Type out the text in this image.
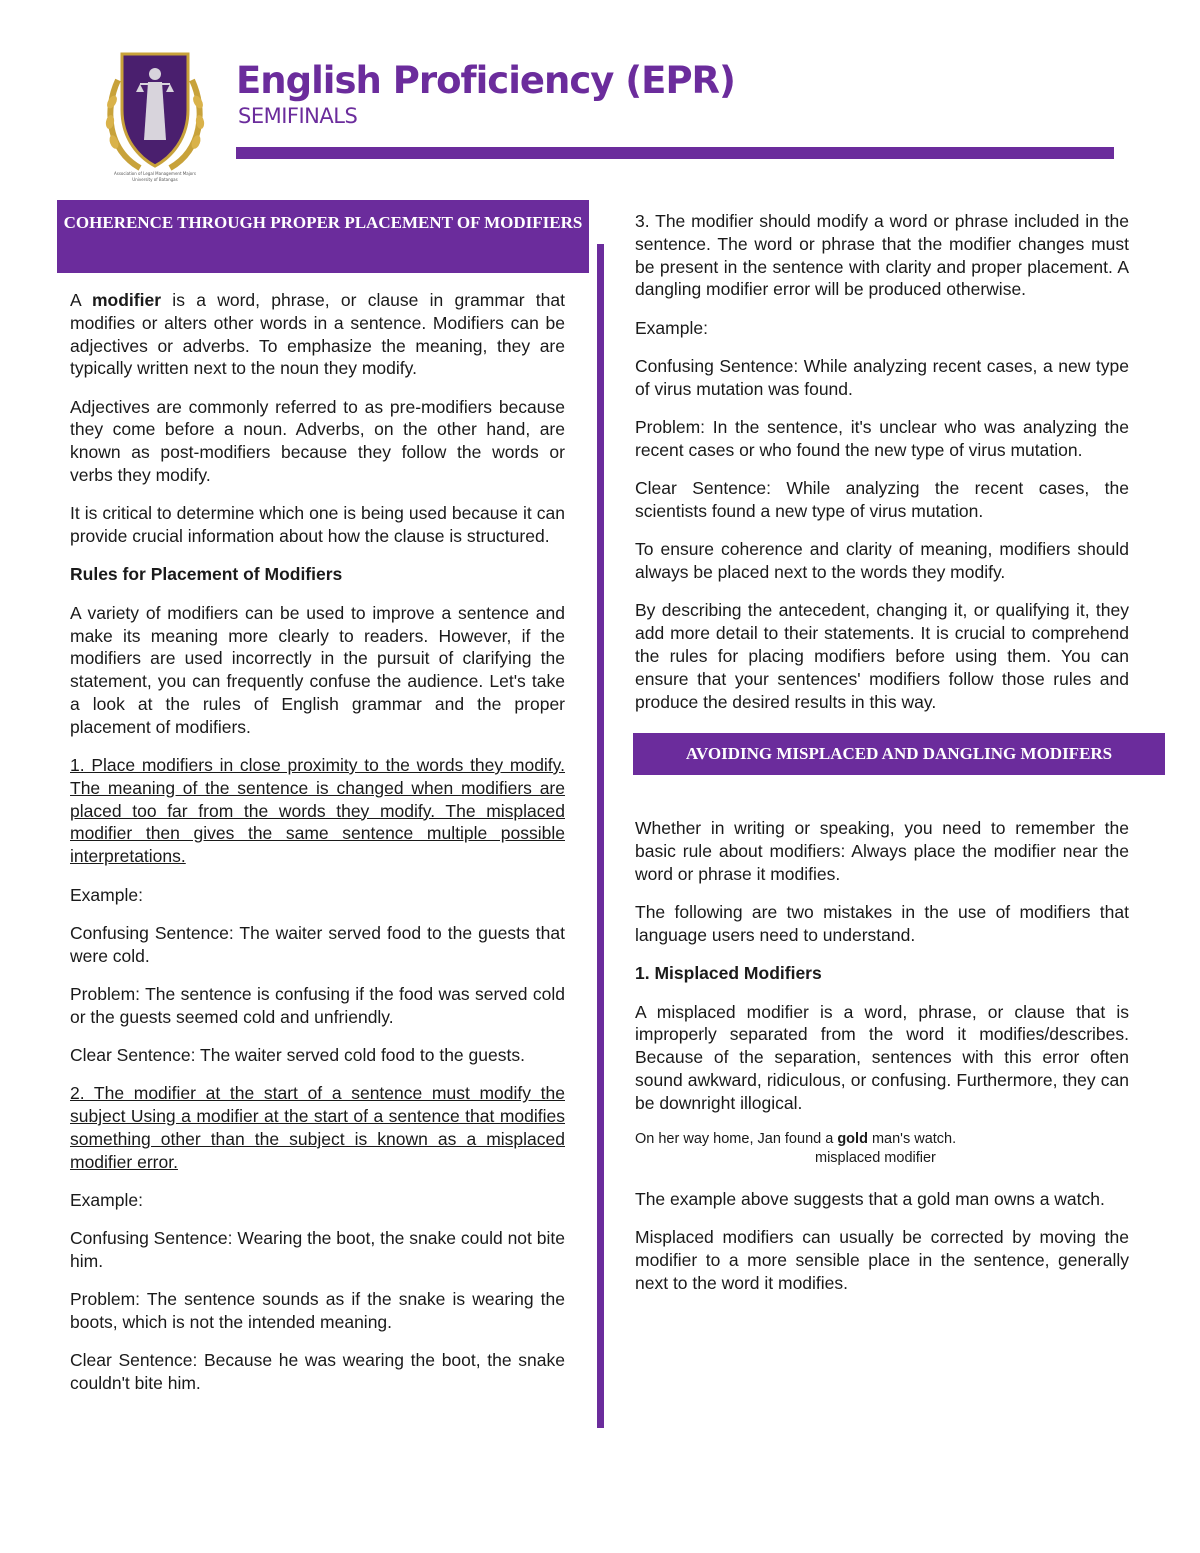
Association of Legal Management Majors
University of Batangas
English Proficiency (EPR)
SEMIFINALS
COHERENCE THROUGH PROPER PLACEMENT OF MODIFIERS

A modifier is a word, phrase, or clause in grammar that modifies or alters other words in a sentence. Modifiers can be adjectives or adverbs. To emphasize the meaning, they are typically written next to the noun they modify.

Adjectives are commonly referred to as pre-modifiers because they come before a noun. Adverbs, on the other hand, are known as post-modifiers because they follow the words or verbs they modify.

It is critical to determine which one is being used because it can provide crucial information about how the clause is structured.

Rules for Placement of Modifiers

A variety of modifiers can be used to improve a sentence and make its meaning more clearly to readers. However, if the modifiers are used incorrectly in the pursuit of clarifying the statement, you can frequently confuse the audience. Let's take a look at the rules of English grammar and the proper placement of modifiers.

1. Place modifiers in close proximity to the words they modify. The meaning of the sentence is changed when modifiers are placed too far from the words they modify. The misplaced modifier then gives the same sentence multiple possible interpretations.

Example:

Confusing Sentence: The waiter served food to the guests that were cold.

Problem: The sentence is confusing if the food was served cold or the guests seemed cold and unfriendly.

Clear Sentence: The waiter served cold food to the guests.

2. The modifier at the start of a sentence must modify the subject Using a modifier at the start of a sentence that modifies something other than the subject is known as a misplaced modifier error.

Example:

Confusing Sentence: Wearing the boot, the snake could not bite him.

Problem: The sentence sounds as if the snake is wearing the boots, which is not the intended meaning.

Clear Sentence: Because he was wearing the boot, the snake couldn't bite him.

3. The modifier should modify a word or phrase included in the sentence. The word or phrase that the modifier changes must be present in the sentence with clarity and proper placement. A dangling modifier error will be produced otherwise.

Example:

Confusing Sentence: While analyzing recent cases, a new type of virus mutation was found.

Problem: In the sentence, it's unclear who was analyzing the recent cases or who found the new type of virus mutation.

Clear Sentence: While analyzing the recent cases, the scientists found a new type of virus mutation.

To ensure coherence and clarity of meaning, modifiers should always be placed next to the words they modify.

By describing the antecedent, changing it, or qualifying it, they add more detail to their statements. It is crucial to comprehend the rules for placing modifiers before using them. You can ensure that your sentences' modifiers follow those rules and produce the desired results in this way.

AVOIDING MISPLACED AND DANGLING MODIFERS

Whether in writing or speaking, you need to remember the basic rule about modifiers: Always place the modifier near the word or phrase it modifies.

The following are two mistakes in the use of modifiers that language users need to understand.

1. Misplaced Modifiers

A misplaced modifier is a word, phrase, or clause that is improperly separated from the word it modifies/describes. Because of the separation, sentences with this error often sound awkward, ridiculous, or confusing. Furthermore, they can be downright illogical.

On her way home, Jan found a gold man's watch.

misplaced modifier

The example above suggests that a gold man owns a watch.

Misplaced modifiers can usually be corrected by moving the modifier to a more sensible place in the sentence, generally next to the word it modifies.
